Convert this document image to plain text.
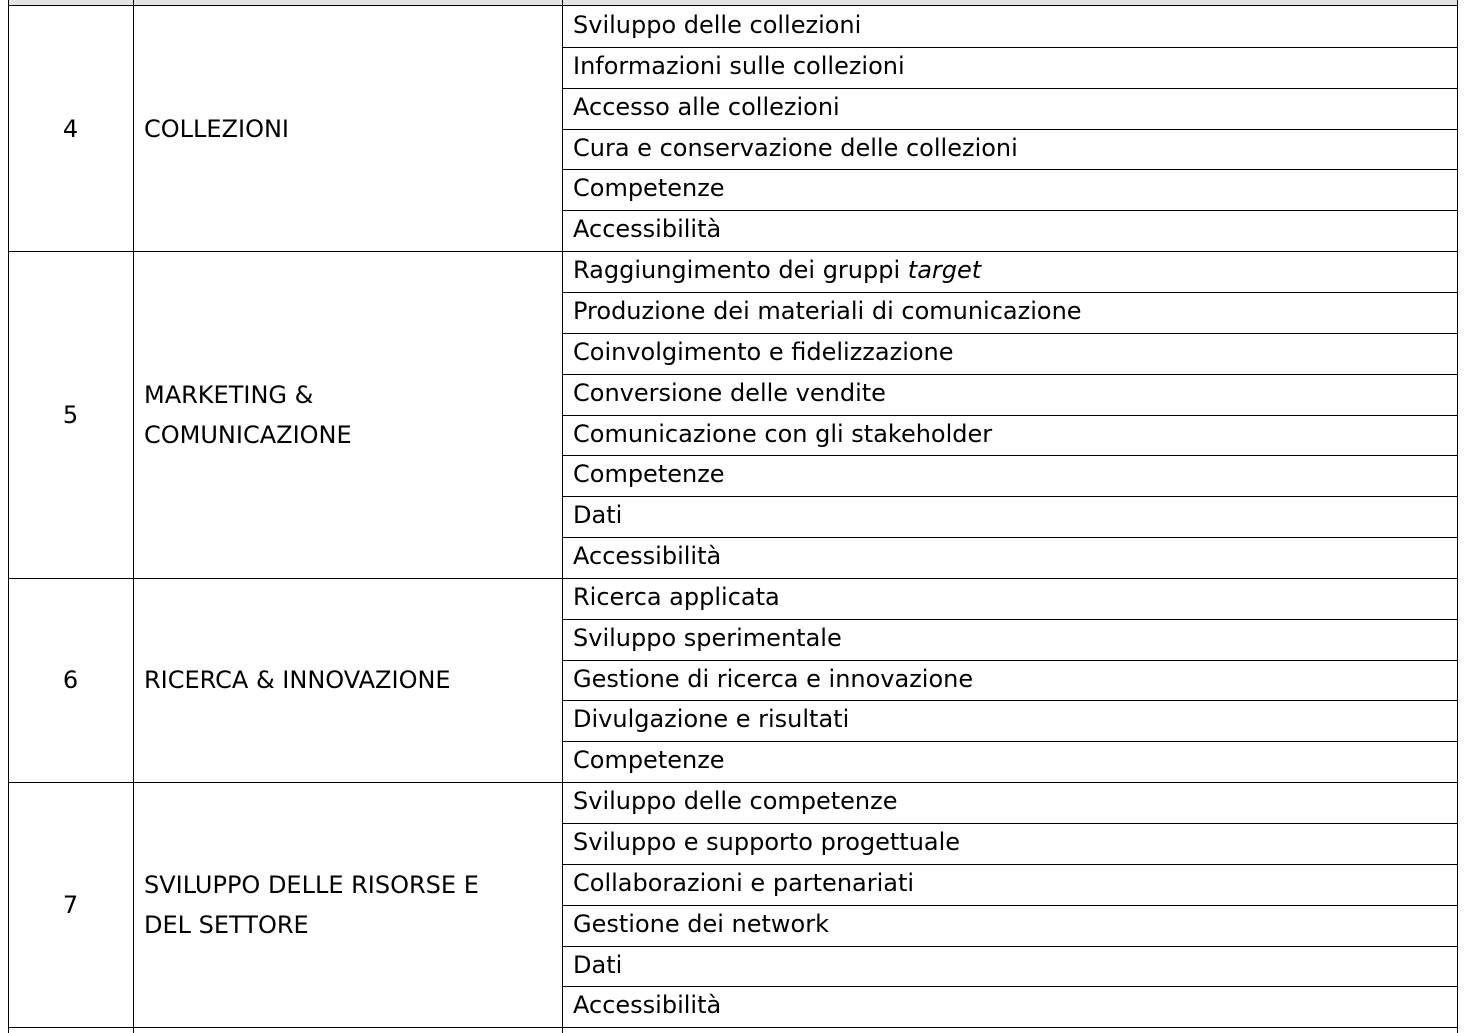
4	COLLEZIONI
Sviluppo delle collezioni
Informazioni sulle collezioni
Accesso alle collezioni
Cura e conservazione delle collezioni
Competenze
Accessibilità
5
MARKETING &
COMUNICAZIONE
Raggiungimento dei gruppi target
Produzione dei materiali di comunicazione
Coinvolgimento e fidelizzazione
Conversione delle vendite
Comunicazione con gli stakeholder
Competenze
Dati
Accessibilità
6	RICERCA & INNOVAZIONE
Ricerca applicata
Sviluppo sperimentale
Gestione di ricerca e innovazione
Divulgazione e risultati
Competenze
7
SVILUPPO DELLE RISORSE E
DEL SETTORE
Sviluppo delle competenze
Sviluppo e supporto progettuale
Collaborazioni e partenariati
Gestione dei network
Dati
Accessibilità
